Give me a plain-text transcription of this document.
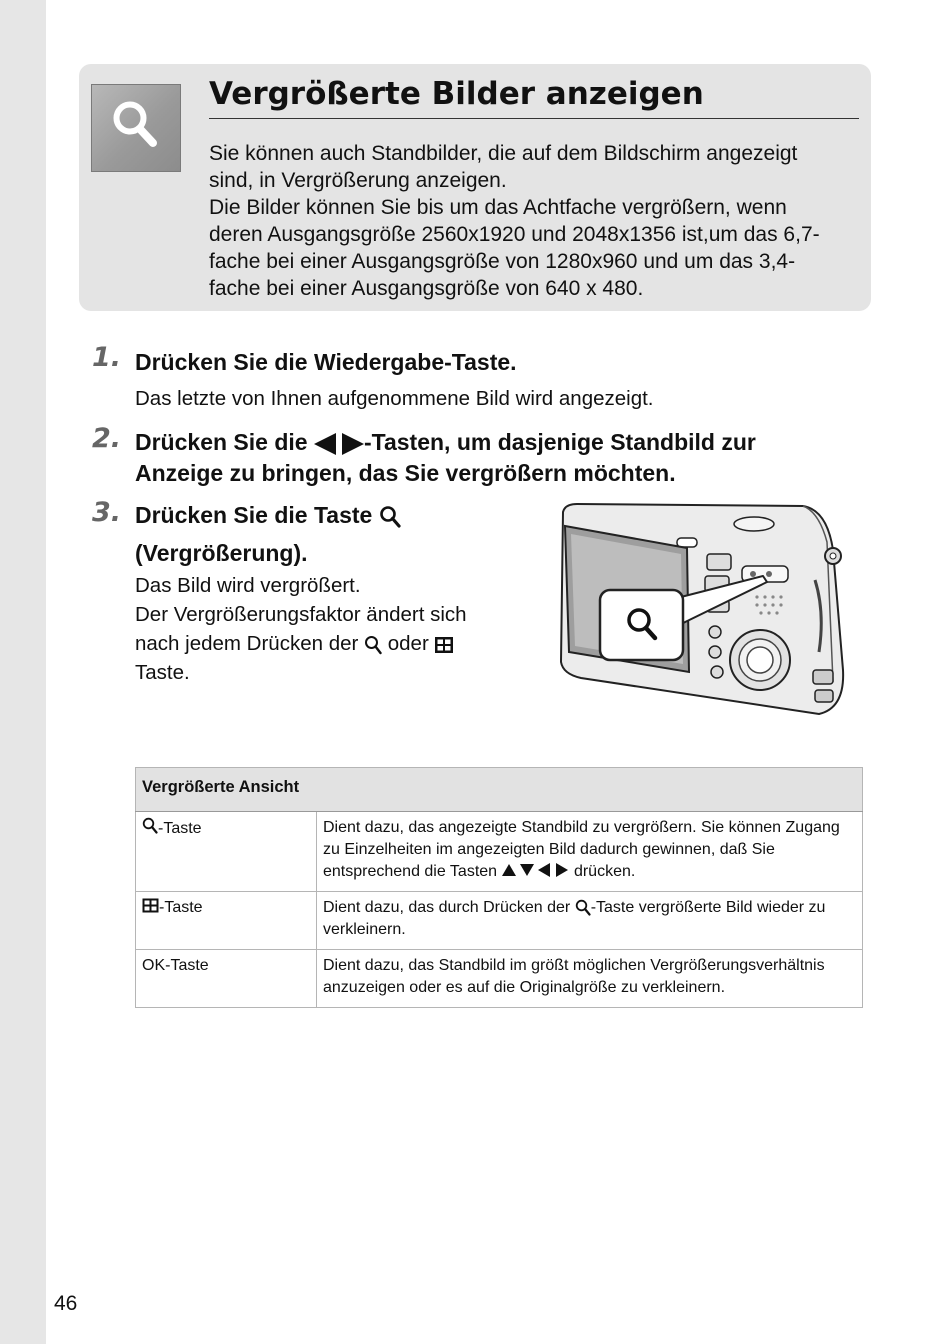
Vergrößerte Bilder anzeigen

Sie können auch Standbilder, die auf dem Bildschirm angezeigt

sind, in Vergrößerung anzeigen.

Die Bilder können Sie bis um das Achtfache vergrößern, wenn

deren Ausgangsgröße 2560x1920 und 2048x1356 ist,um das 6,7-

fache bei einer Ausgangsgröße von 1280x960 und um das 3,4-

fache bei einer Ausgangsgröße von 640 x 480.

1. Drücken Sie die Wiedergabe-Taste.

Das letzte von Ihnen aufgenommene Bild wird angezeigt.

2. Drücken Sie die -Tasten, um dasjenige Standbild zur

Anzeige zu bringen, das Sie vergrößern möchten.

3. Drücken Sie die Taste

(Vergrößerung).

Das Bild wird vergrößert.

Der Vergrößerungsfaktor ändert sich

nach jedem Drücken der  oder

Taste.

Vergrößerte Ansicht	
-Taste	Dient dazu, das angezeigte Standbild zu vergrößern. Sie können Zugang zu Einzelheiten im angezeigten Bild dadurch gewinnen, daß Sie entsprechend die Tasten drücken.
-Taste	Dient dazu, das durch Drücken der -Taste vergrößerte Bild wieder zu verkleinern.
OK-Taste	Dient dazu, das Standbild im größt möglichen Vergrößerungsverhältnis anzuzeigen oder es auf die Originalgröße zu verkleinern.

46
